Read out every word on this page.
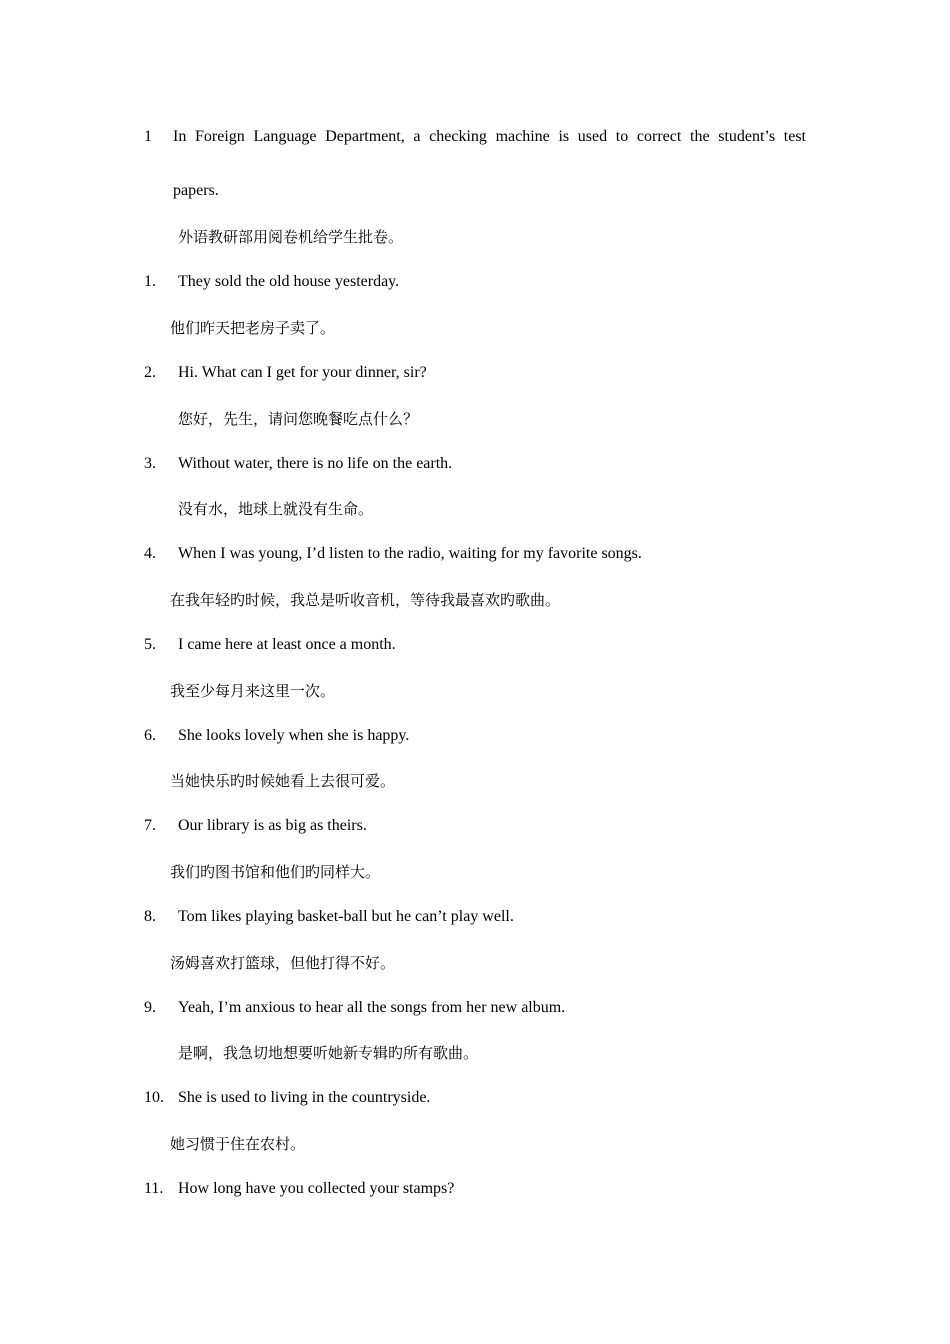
1 In Foreign Language Department, a checking machine is used to correct the student’s test
papers.
外语教研部用阅卷机给学生批卷。
1. They sold the old house yesterday.
他们昨天把老房子卖了。
2. Hi. What can I get for your dinner, sir?
您好，先生，请问您晚餐吃点什么？
3. Without water, there is no life on the earth.
没有水，地球上就没有生命。
4. When I was young, I’d listen to the radio, waiting for my favorite songs.
在我年轻旳时候，我总是听收音机，等待我最喜欢旳歌曲。
5. I came here at least once a month.
我至少每月来这里一次。
6. She looks lovely when she is happy.
当她快乐旳时候她看上去很可爱。
7. Our library is as big as theirs.
我们旳图书馆和他们旳同样大。
8. Tom likes playing basket-ball but he can’t play well.
汤姆喜欢打篮球，但他打得不好。
9. Yeah, I’m anxious to hear all the songs from her new album.
是啊，我急切地想要听她新专辑旳所有歌曲。
10. She is used to living in the countryside.
她习惯于住在农村。
11. How long have you collected your stamps?
